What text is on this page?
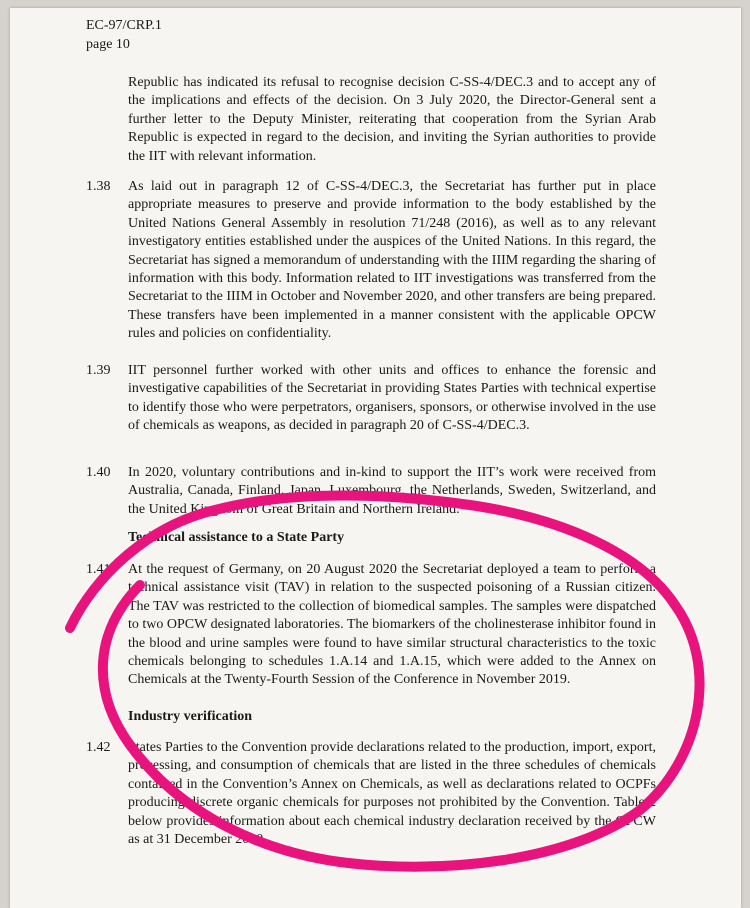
EC-97/CRP.1
page 10
Republic has indicated its refusal to recognise decision C-SS-4/DEC.3 and to accept any of the implications and effects of the decision. On 3 July 2020, the Director-General sent a further letter to the Deputy Minister, reiterating that cooperation from the Syrian Arab Republic is expected in regard to the decision, and inviting the Syrian authorities to provide the IIT with relevant information.
1.38 As laid out in paragraph 12 of C-SS-4/DEC.3, the Secretariat has further put in place appropriate measures to preserve and provide information to the body established by the United Nations General Assembly in resolution 71/248 (2016), as well as to any relevant investigatory entities established under the auspices of the United Nations. In this regard, the Secretariat has signed a memorandum of understanding with the IIIM regarding the sharing of information with this body. Information related to IIT investigations was transferred from the Secretariat to the IIIM in October and November 2020, and other transfers are being prepared. These transfers have been implemented in a manner consistent with the applicable OPCW rules and policies on confidentiality.
1.39 IIT personnel further worked with other units and offices to enhance the forensic and investigative capabilities of the Secretariat in providing States Parties with technical expertise to identify those who were perpetrators, organisers, sponsors, or otherwise involved in the use of chemicals as weapons, as decided in paragraph 20 of C-SS-4/DEC.3.
1.40 In 2020, voluntary contributions and in-kind to support the IIT’s work were received from Australia, Canada, Finland, Japan, Luxembourg, the Netherlands, Sweden, Switzerland, and the United Kingdom of Great Britain and Northern Ireland.
Technical assistance to a State Party
1.41 At the request of Germany, on 20 August 2020 the Secretariat deployed a team to perform a technical assistance visit (TAV) in relation to the suspected poisoning of a Russian citizen. The TAV was restricted to the collection of biomedical samples. The samples were dispatched to two OPCW designated laboratories. The biomarkers of the cholinesterase inhibitor found in the blood and urine samples were found to have similar structural characteristics to the toxic chemicals belonging to schedules 1.A.14 and 1.A.15, which were added to the Annex on Chemicals at the Twenty-Fourth Session of the Conference in November 2019.
Industry verification
1.42 States Parties to the Convention provide declarations related to the production, import, export, processing, and consumption of chemicals that are listed in the three schedules of chemicals contained in the Convention’s Annex on Chemicals, as well as declarations related to OCPFs producing discrete organic chemicals for purposes not prohibited by the Convention. Table 2 below provides information about each chemical industry declaration received by the OPCW as at 31 December 2020.
